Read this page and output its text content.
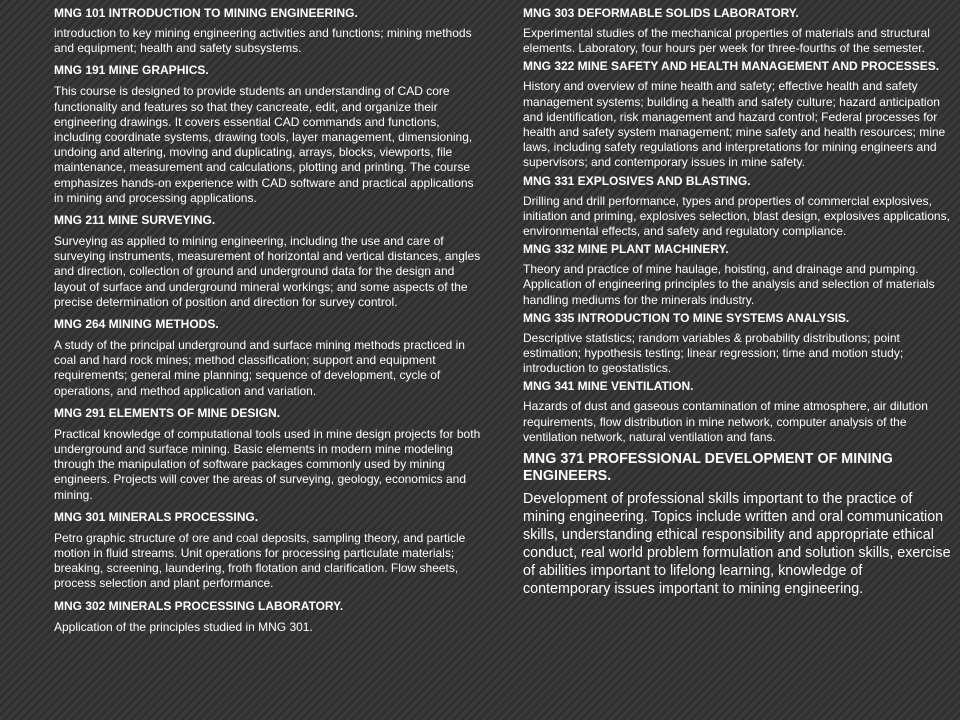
MNG 101 INTRODUCTION TO MINING ENGINEERING.

introduction to key mining engineering activities and functions; mining methods and equipment; health and safety subsystems.

MNG 191 MINE GRAPHICS.

This course is designed to provide students an understanding of CAD core functionality and features so that they cancreate, edit, and organize their engineering drawings. It covers essential CAD commands and functions, including coordinate systems, drawing tools, layer management, dimensioning, undoing and altering, moving and duplicating, arrays, blocks, viewports, file maintenance, measurement and calculations, plotting and printing. The course emphasizes hands-on experience with CAD software and practical applications in mining and processing applications.

MNG 211 MINE SURVEYING.

Surveying as applied to mining engineering, including the use and care of surveying instruments, measurement of horizontal and vertical distances, angles and direction, collection of ground and underground data for the design and layout of surface and underground mineral workings; and some aspects of the precise determination of position and direction for survey control.

MNG 264 MINING METHODS.

A study of the principal underground and surface mining methods practiced in coal and hard rock mines; method classification; support and equipment requirements; general mine planning; sequence of development, cycle of operations, and method application and variation.

MNG 291 ELEMENTS OF MINE DESIGN.

Practical knowledge of computational tools used in mine design projects for both underground and surface mining. Basic elements in modern mine modeling through the manipulation of software packages commonly used by mining engineers. Projects will cover the areas of surveying, geology, economics and mining.

MNG 301 MINERALS PROCESSING.

Petro graphic structure of ore and coal deposits, sampling theory, and particle motion in fluid streams. Unit operations for processing particulate materials; breaking, screening, laundering, froth flotation and clarification. Flow sheets, process selection and plant performance.

MNG 302 MINERALS PROCESSING LABORATORY.

Application of the principles studied in MNG 301.

MNG 303 DEFORMABLE SOLIDS LABORATORY.

Experimental studies of the mechanical properties of materials and structural elements. Laboratory, four hours per week for three-fourths of the semester.

MNG 322 MINE SAFETY AND HEALTH MANAGEMENT AND PROCESSES.

History and overview of mine health and safety; effective health and safety management systems; building a health and safety culture; hazard anticipation and identification, risk management and hazard control; Federal processes for health and safety system management; mine safety and health resources; mine laws, including safety regulations and interpretations for mining engineers and supervisors; and contemporary issues in mine safety.

MNG 331 EXPLOSIVES AND BLASTING.

Drilling and drill performance, types and properties of commercial explosives, initiation and priming, explosives selection, blast design, explosives applications, environmental effects, and safety and regulatory compliance.

MNG 332 MINE PLANT MACHINERY.

Theory and practice of mine haulage, hoisting, and drainage and pumping. Application of engineering principles to the analysis and selection of materials handling mediums for the minerals industry.

MNG 335 INTRODUCTION TO MINE SYSTEMS ANALYSIS.

Descriptive statistics; random variables & probability distributions; point estimation; hypothesis testing; linear regression; time and motion study; introduction to geostatistics.

MNG 341 MINE VENTILATION.

Hazards of dust and gaseous contamination of mine atmosphere, air dilution requirements, flow distribution in mine network, computer analysis of the ventilation network, natural ventilation and fans.

MNG 371 PROFESSIONAL DEVELOPMENT OF MINING ENGINEERS.

Development of professional skills important to the practice of mining engineering. Topics include written and oral communication skills, understanding ethical responsibility and appropriate ethical conduct, real world problem formulation and solution skills, exercise of abilities important to lifelong learning, knowledge of contemporary issues important to mining engineering.
